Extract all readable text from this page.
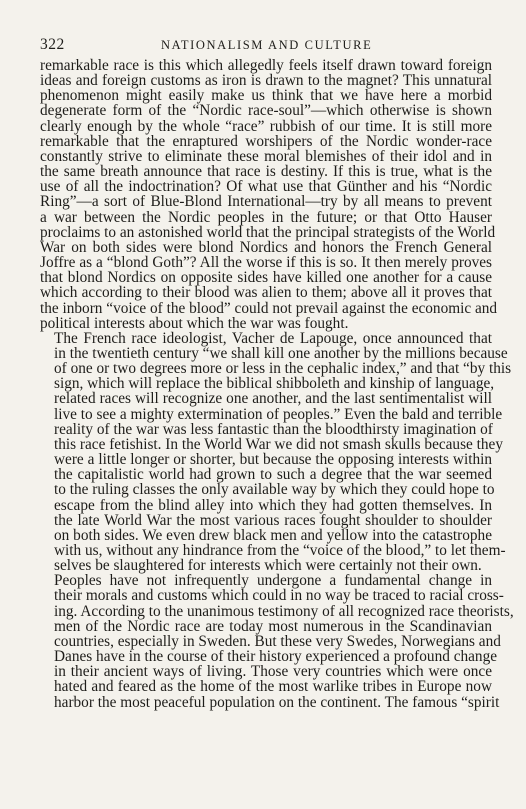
322	NATIONALISM AND CULTURE

remarkable race is this which allegedly feels itself drawn toward foreign
ideas and foreign customs as iron is drawn to the magnet? This unnatural
phenomenon might easily make us think that we have here a morbid
degenerate form of the “Nordic race-soul”—which otherwise is shown
clearly enough by the whole “race” rubbish of our time. It is still more
remarkable that the enraptured worshipers of the Nordic wonder-race
constantly strive to eliminate these moral blemishes of their idol and in
the same breath announce that race is destiny. If this is true, what is the
use of all the indoctrination? Of what use that Günther and his “Nordic
Ring”—a sort of Blue-Blond International—try by all means to prevent
a war between the Nordic peoples in the future; or that Otto Hauser
proclaims to an astonished world that the principal strategists of the World
War on both sides were blond Nordics and honors the French General
Joffre as a “blond Goth”? All the worse if this is so. It then merely proves
that blond Nordics on opposite sides have killed one another for a cause
which according to their blood was alien to them; above all it proves that
the inborn “voice of the blood” could not prevail against the economic and
political interests about which the war was fought.

The French race ideologist, Vacher de Lapouge, once announced that
in the twentieth century “we shall kill one another by the millions because
of one or two degrees more or less in the cephalic index,” and that “by this
sign, which will replace the biblical shibboleth and kinship of language,
related races will recognize one another, and the last sentimentalist will
live to see a mighty extermination of peoples.” Even the bald and terrible
reality of the war was less fantastic than the bloodthirsty imagination of
this race fetishist. In the World War we did not smash skulls because they
were a little longer or shorter, but because the opposing interests within
the capitalistic world had grown to such a degree that the war seemed
to the ruling classes the only available way by which they could hope to
escape from the blind alley into which they had gotten themselves. In
the late World War the most various races fought shoulder to shoulder
on both sides. We even drew black men and yellow into the catastrophe
with us, without any hindrance from the “voice of the blood,” to let them-
selves be slaughtered for interests which were certainly not their own.

Peoples have not infrequently undergone a fundamental change in
their morals and customs which could in no way be traced to racial cross-
ing. According to the unanimous testimony of all recognized race theorists,
men of the Nordic race are today most numerous in the Scandinavian
countries, especially in Sweden. But these very Swedes, Norwegians and
Danes have in the course of their history experienced a profound change
in their ancient ways of living. Those very countries which were once
hated and feared as the home of the most warlike tribes in Europe now
harbor the most peaceful population on the continent. The famous “spirit
